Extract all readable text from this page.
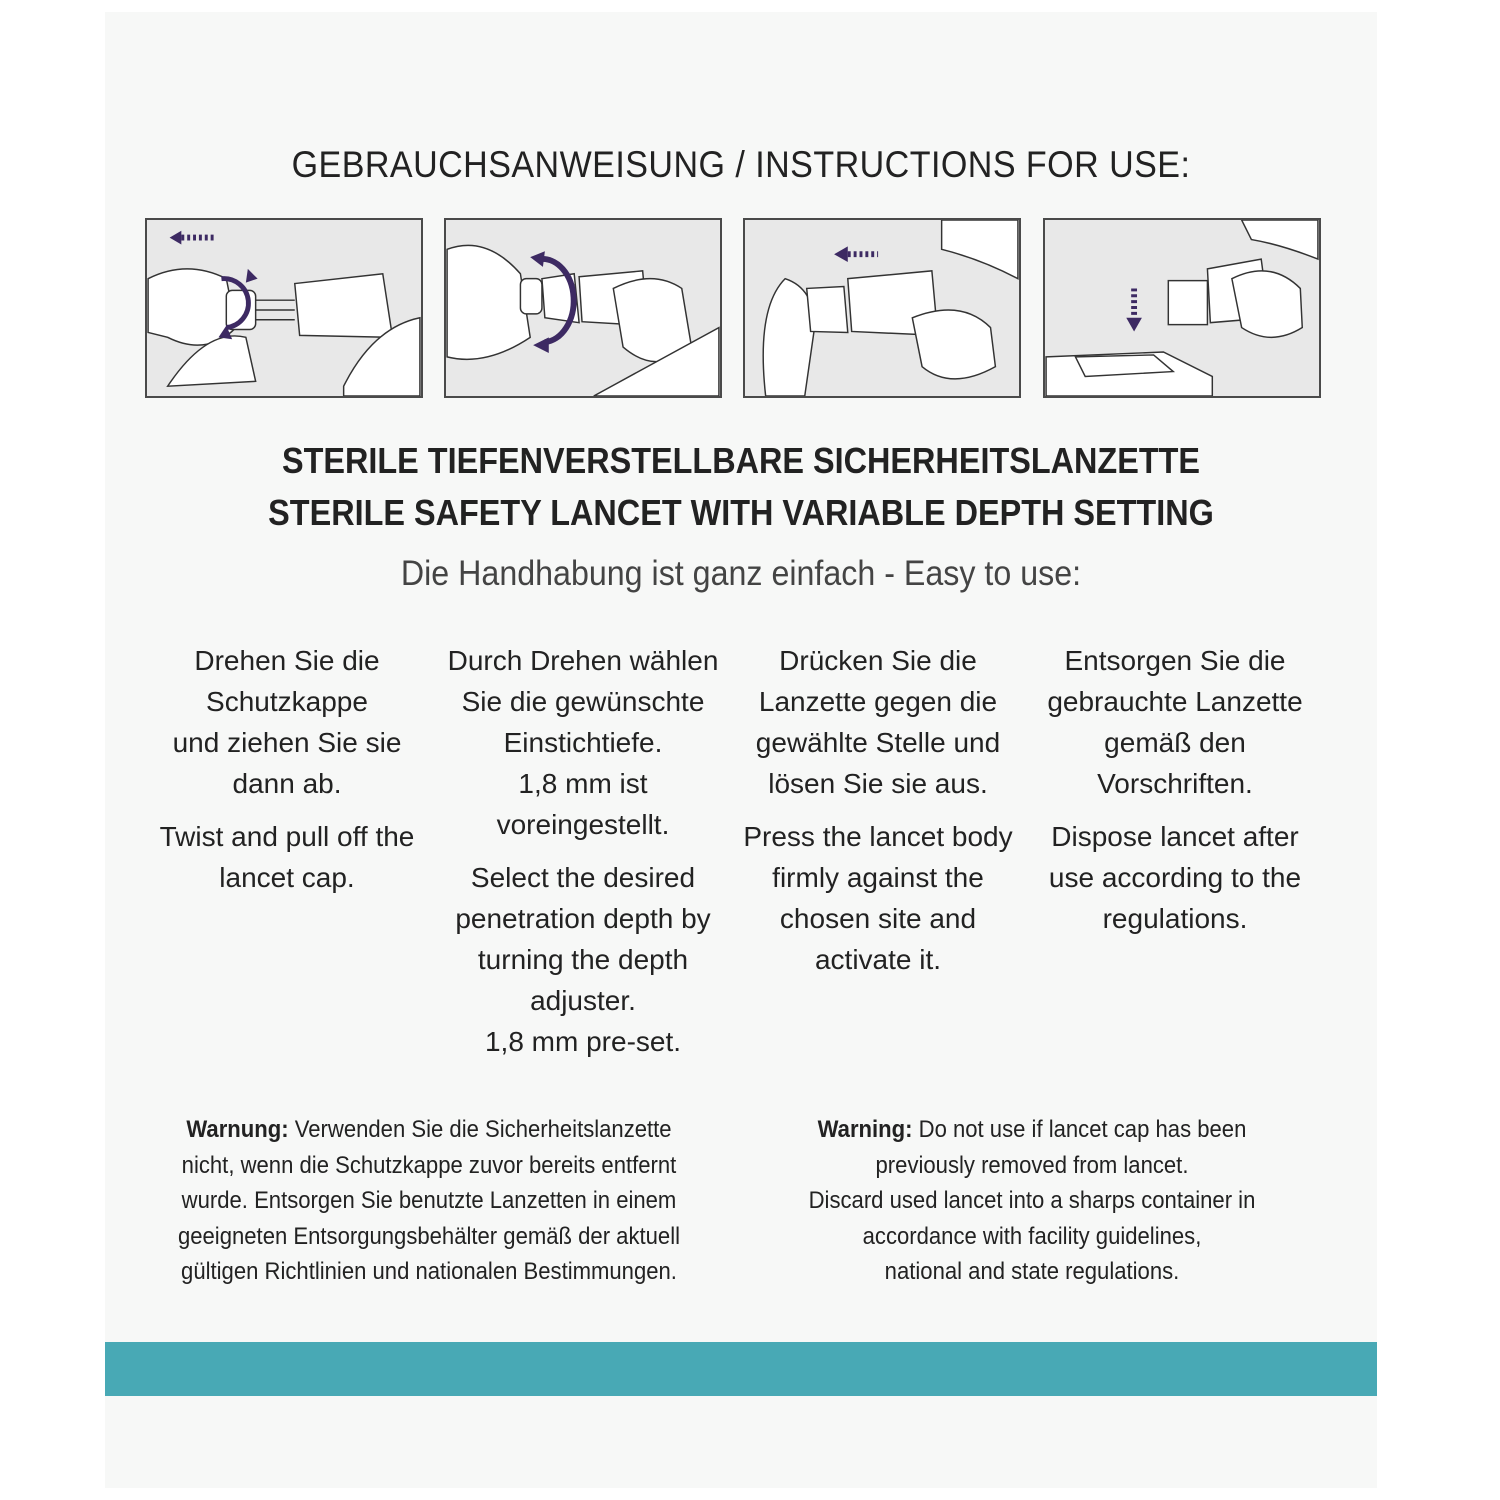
GEBRAUCHSANWEISUNG / INSTRUCTIONS FOR USE:
STERILE TIEFENVERSTELLBARE SICHERHEITSLANZETTE
STERILE SAFETY LANCET WITH VARIABLE DEPTH SETTING
Die Handhabung ist ganz einfach - Easy to use:

Drehen Sie die
Schutzkappe
und ziehen Sie sie
dann ab.

Twist and pull off the
lancet cap.

Durch Drehen wählen
Sie die gewünschte
Einstichtiefe.
1,8 mm ist
voreingestellt.

Select the desired
penetration depth by
turning the depth
adjuster.
1,8 mm pre-set.

Drücken Sie die
Lanzette gegen die
gewählte Stelle und
lösen Sie sie aus.

Press the lancet body
firmly against the
chosen site and
activate it.

Entsorgen Sie die
gebrauchte Lanzette
gemäß den
Vorschriften.

Dispose lancet after
use according to the
regulations.

Warnung: Verwenden Sie die Sicherheitslanzette
nicht, wenn die Schutzkappe zuvor bereits entfernt
wurde. Entsorgen Sie benutzte Lanzetten in einem
geeigneten Entsorgungsbehälter gemäß der aktuell
gültigen Richtlinien und nationalen Bestimmungen.
Warning: Do not use if lancet cap has been
previously removed from lancet.
Discard used lancet into a sharps container in
accordance with facility guidelines,
national and state regulations.
